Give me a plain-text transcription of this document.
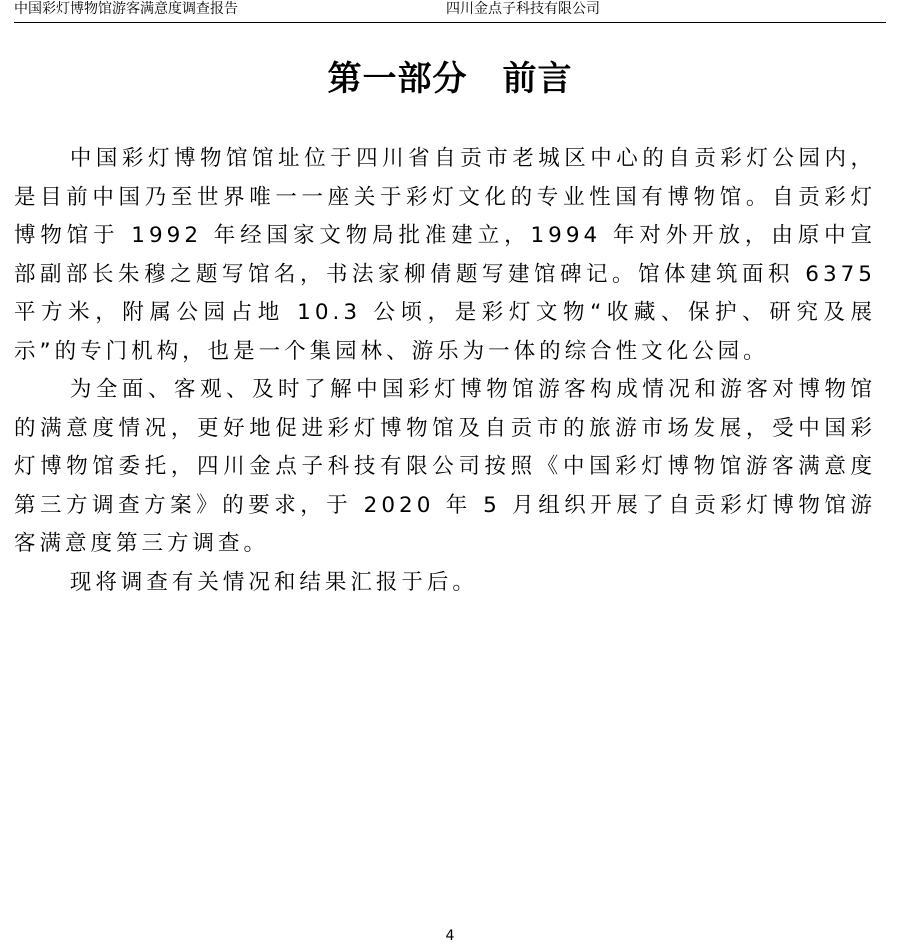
中国彩灯博物馆游客满意度调查报告	四川金点子科技有限公司
第一部分　前言

中国彩灯博物馆馆址位于四川省自贡市老城区中心的自贡彩灯公园内，是目前中国乃至世界唯一一座关于彩灯文化的专业性国有博物馆。自贡彩灯博物馆于 1992 年经国家文物局批准建立，1994 年对外开放，由原中宣部副部长朱穆之题写馆名，书法家柳倩题写建馆碑记。馆体建筑面积 6375 平方米，附属公园占地 10.3 公顷，是彩灯文物“收藏、保护、研究及展示”的专门机构，也是一个集园林、游乐为一体的综合性文化公园。

为全面、客观、及时了解中国彩灯博物馆游客构成情况和游客对博物馆的满意度情况，更好地促进彩灯博物馆及自贡市的旅游市场发展，受中国彩灯博物馆委托，四川金点子科技有限公司按照《中国彩灯博物馆游客满意度第三方调查方案》的要求，于 2020 年 5 月组织开展了自贡彩灯博物馆游客满意度第三方调查。

现将调查有关情况和结果汇报于后。

4
